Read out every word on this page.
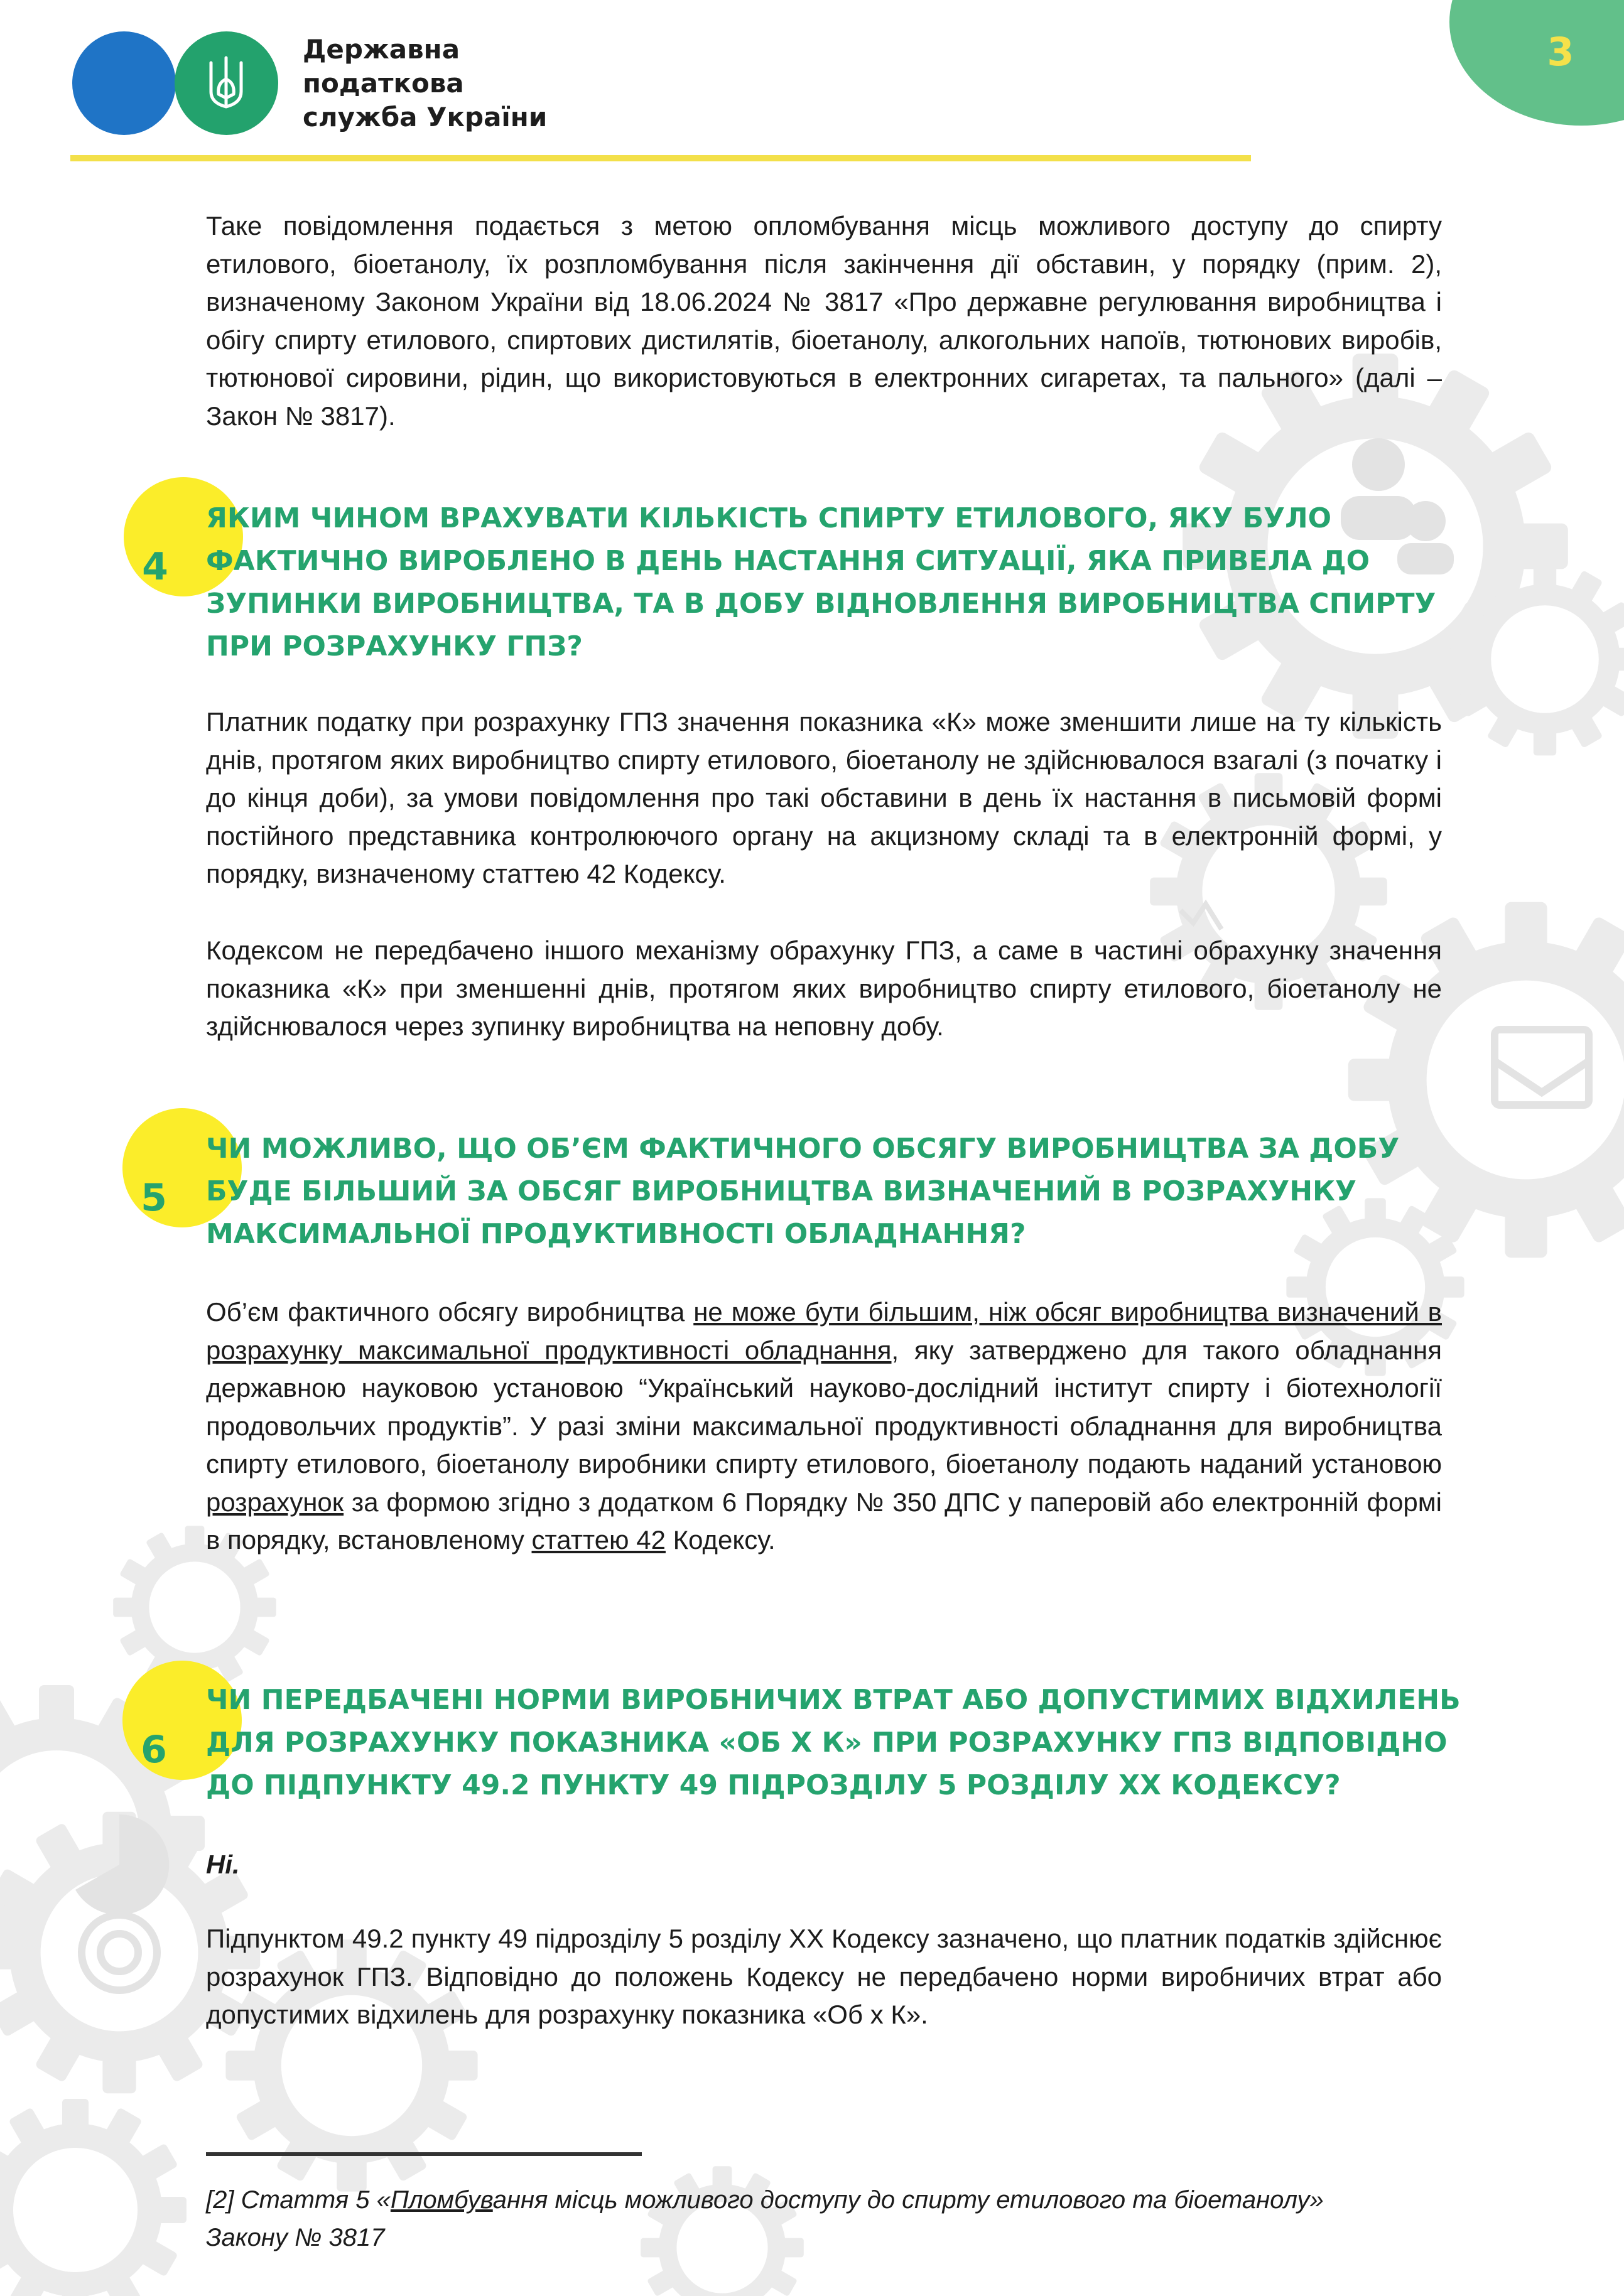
Державна
податкова
служба України
3
Таке повідомлення подається з метою опломбування місць можливого доступу до спирту етилового, біоетанолу, їх розпломбування після закінчення дії обставин, у порядку (прим. 2), визначеному Законом України від 18.06.2024 № 3817 «Про державне регулювання виробництва і обігу спирту етилового, спиртових дистилятів, біоетанолу, алкогольних напоїв, тютюнових виробів, тютюнової сировини, рідин, що використовуються в електронних сигаретах, та пального» (далі – Закон № 3817).
4
ЯКИМ ЧИНОМ ВРАХУВАТИ КІЛЬКІСТЬ СПИРТУ ЕТИЛОВОГО, ЯКУ БУЛО
ФАКТИЧНО ВИРОБЛЕНО В ДЕНЬ НАСТАННЯ СИТУАЦІЇ, ЯКА ПРИВЕЛА ДО
ЗУПИНКИ ВИРОБНИЦТВА, ТА В ДОБУ ВІДНОВЛЕННЯ ВИРОБНИЦТВА СПИРТУ
ПРИ РОЗРАХУНКУ ГПЗ?
Платник податку при розрахунку ГПЗ значення показника «К» може зменшити лише на ту кількість днів, протягом яких виробництво спирту етилового, біоетанолу не здійснювалося взагалі (з початку і до кінця доби), за умови повідомлення про такі обставини в день їх настання в письмовій формі постійного представника контролюючого органу на акцизному складі та в електронній формі, у порядку, визначеному статтею 42 Кодексу.
Кодексом не передбачено іншого механізму обрахунку ГПЗ, а саме в частині обрахунку значення показника «К» при зменшенні днів, протягом яких виробництво спирту етилового, біоетанолу не здійснювалося через зупинку виробництва на неповну добу.
5
ЧИ МОЖЛИВО, ЩО ОБ’ЄМ ФАКТИЧНОГО ОБСЯГУ ВИРОБНИЦТВА ЗА ДОБУ
БУДЕ БІЛЬШИЙ ЗА ОБСЯГ ВИРОБНИЦТВА ВИЗНАЧЕНИЙ В РОЗРАХУНКУ
МАКСИМАЛЬНОЇ ПРОДУКТИВНОСТІ ОБЛАДНАННЯ?
Об’єм фактичного обсягу виробництва не може бути більшим, ніж обсяг виробництва визначений в розрахунку максимальної продуктивності обладнання, яку затверджено для такого обладнання державною науковою установою “Український науково-дослідний інститут спирту і біотехнології продовольчих продуктів”. У разі зміни максимальної продуктивності обладнання для виробництва спирту етилового, біоетанолу виробники спирту етилового, біоетанолу подають наданий установою розрахунок за формою згідно з додатком 6 Порядку № 350 ДПС у паперовій або електронній формі в порядку, встановленому статтею 42 Кодексу.
6
ЧИ ПЕРЕДБАЧЕНІ НОРМИ ВИРОБНИЧИХ ВТРАТ АБО ДОПУСТИМИХ ВІДХИЛЕНЬ
ДЛЯ РОЗРАХУНКУ ПОКАЗНИКА «ОБ Х К» ПРИ РОЗРАХУНКУ ГПЗ ВІДПОВІДНО
ДО ПІДПУНКТУ 49.2 ПУНКТУ 49 ПІДРОЗДІЛУ 5 РОЗДІЛУ ХХ КОДЕКСУ?
Ні.
Підпунктом 49.2 пункту 49 підрозділу 5 розділу XX Кодексу зазначено, що платник податків здійснює розрахунок ГПЗ. Відповідно до положень Кодексу не передбачено норми виробничих втрат або допустимих відхилень для розрахунку показника «Об х К».
[2] Стаття 5 «Пломбування місць можливого доступу до спирту етилового та біоетанолу»
Закону № 3817
